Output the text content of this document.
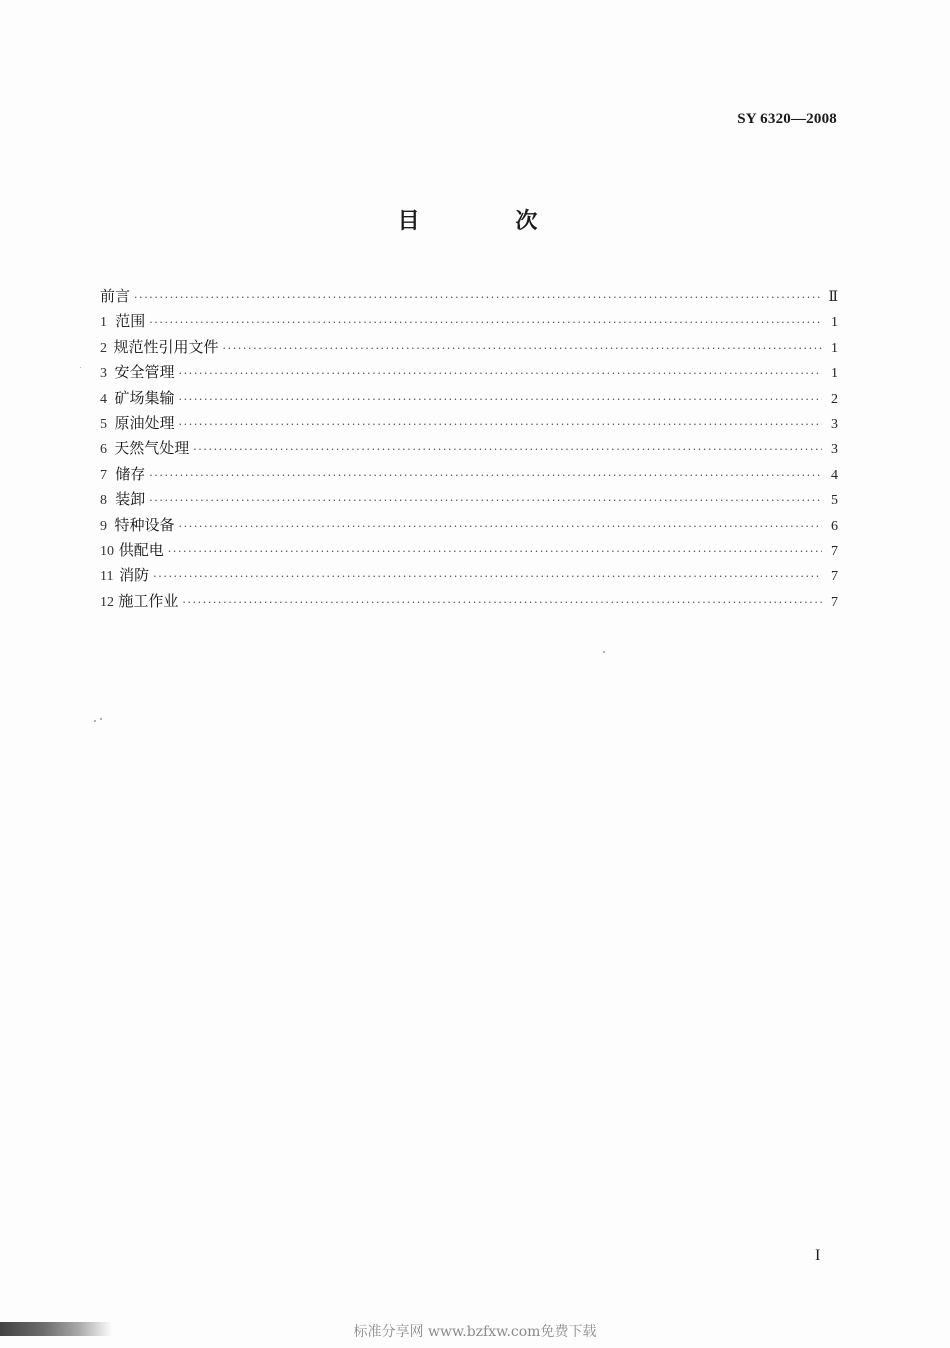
SY 6320—2008
目 次
前言 ·····	Ⅱ
1 范围 ·····	1
2 规范性引用文件 ·····	1
3 安全管理 ·····	1
4 矿场集输 ·····	2
5 原油处理 ·····	3
6 天然气处理 ·····	3
7 储存 ·····	4
8 装卸 ·····	5
9 特种设备 ·····	6
10 供配电 ·····	7
11 消防 ·····	7
12 施工作业 ·····	7
I
标准分享网 www.bzfxw.com免费下载
